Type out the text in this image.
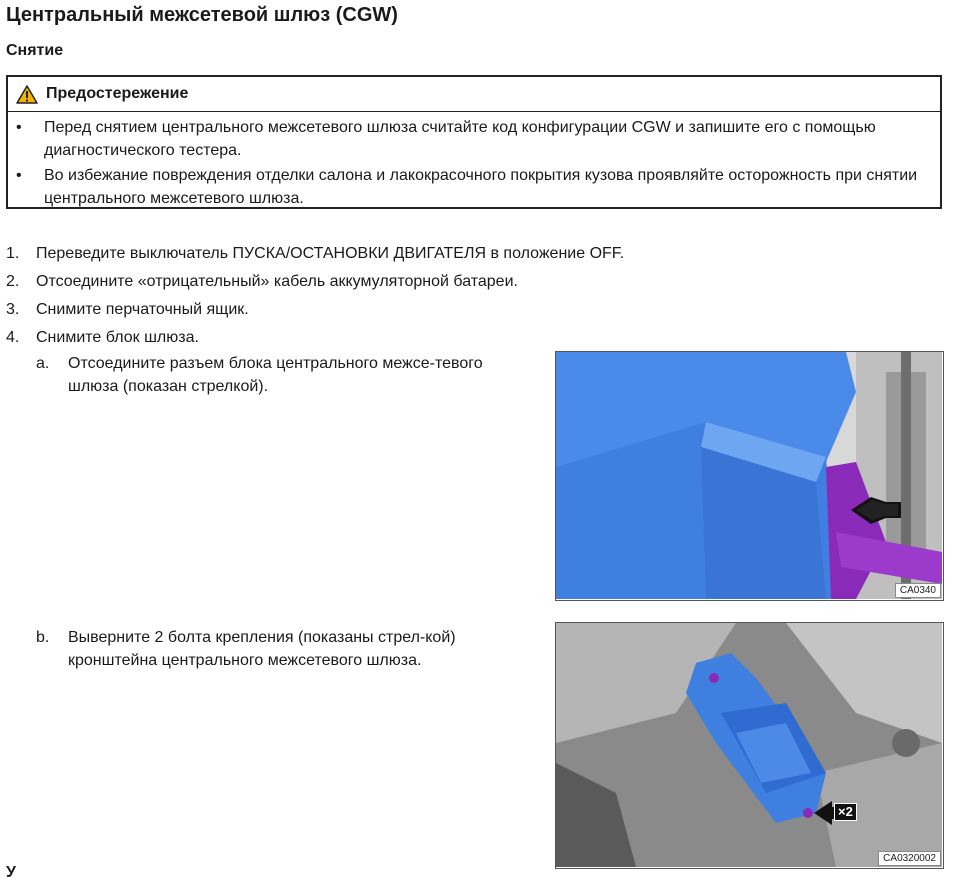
Центральный межсетевой шлюз (CGW)
Снятие
Предостережение
• Перед снятием центрального межсетевого шлюза считайте код конфигурации CGW и запишите его с помощью диагностического тестера.
• Во избежание повреждения отделки салона и лакокрасочного покрытия кузова проявляйте осторожность при снятии центрального межсетевого шлюза.
1. Переведите выключатель ПУСКА/ОСТАНОВКИ ДВИГАТЕЛЯ в положение OFF.
2. Отсоедините «отрицательный» кабель аккумуляторной батареи.
3. Снимите перчаточный ящик.
4. Снимите блок шлюза.
a.	Отсоедините разъем блока центрального межсе-тевого шлюза (показан стрелкой).
b.	Выверните 2 болта крепления (показаны стрел-кой) кронштейна центрального межсетевого шлюза.
CA0340
×2
CA0320002
У
